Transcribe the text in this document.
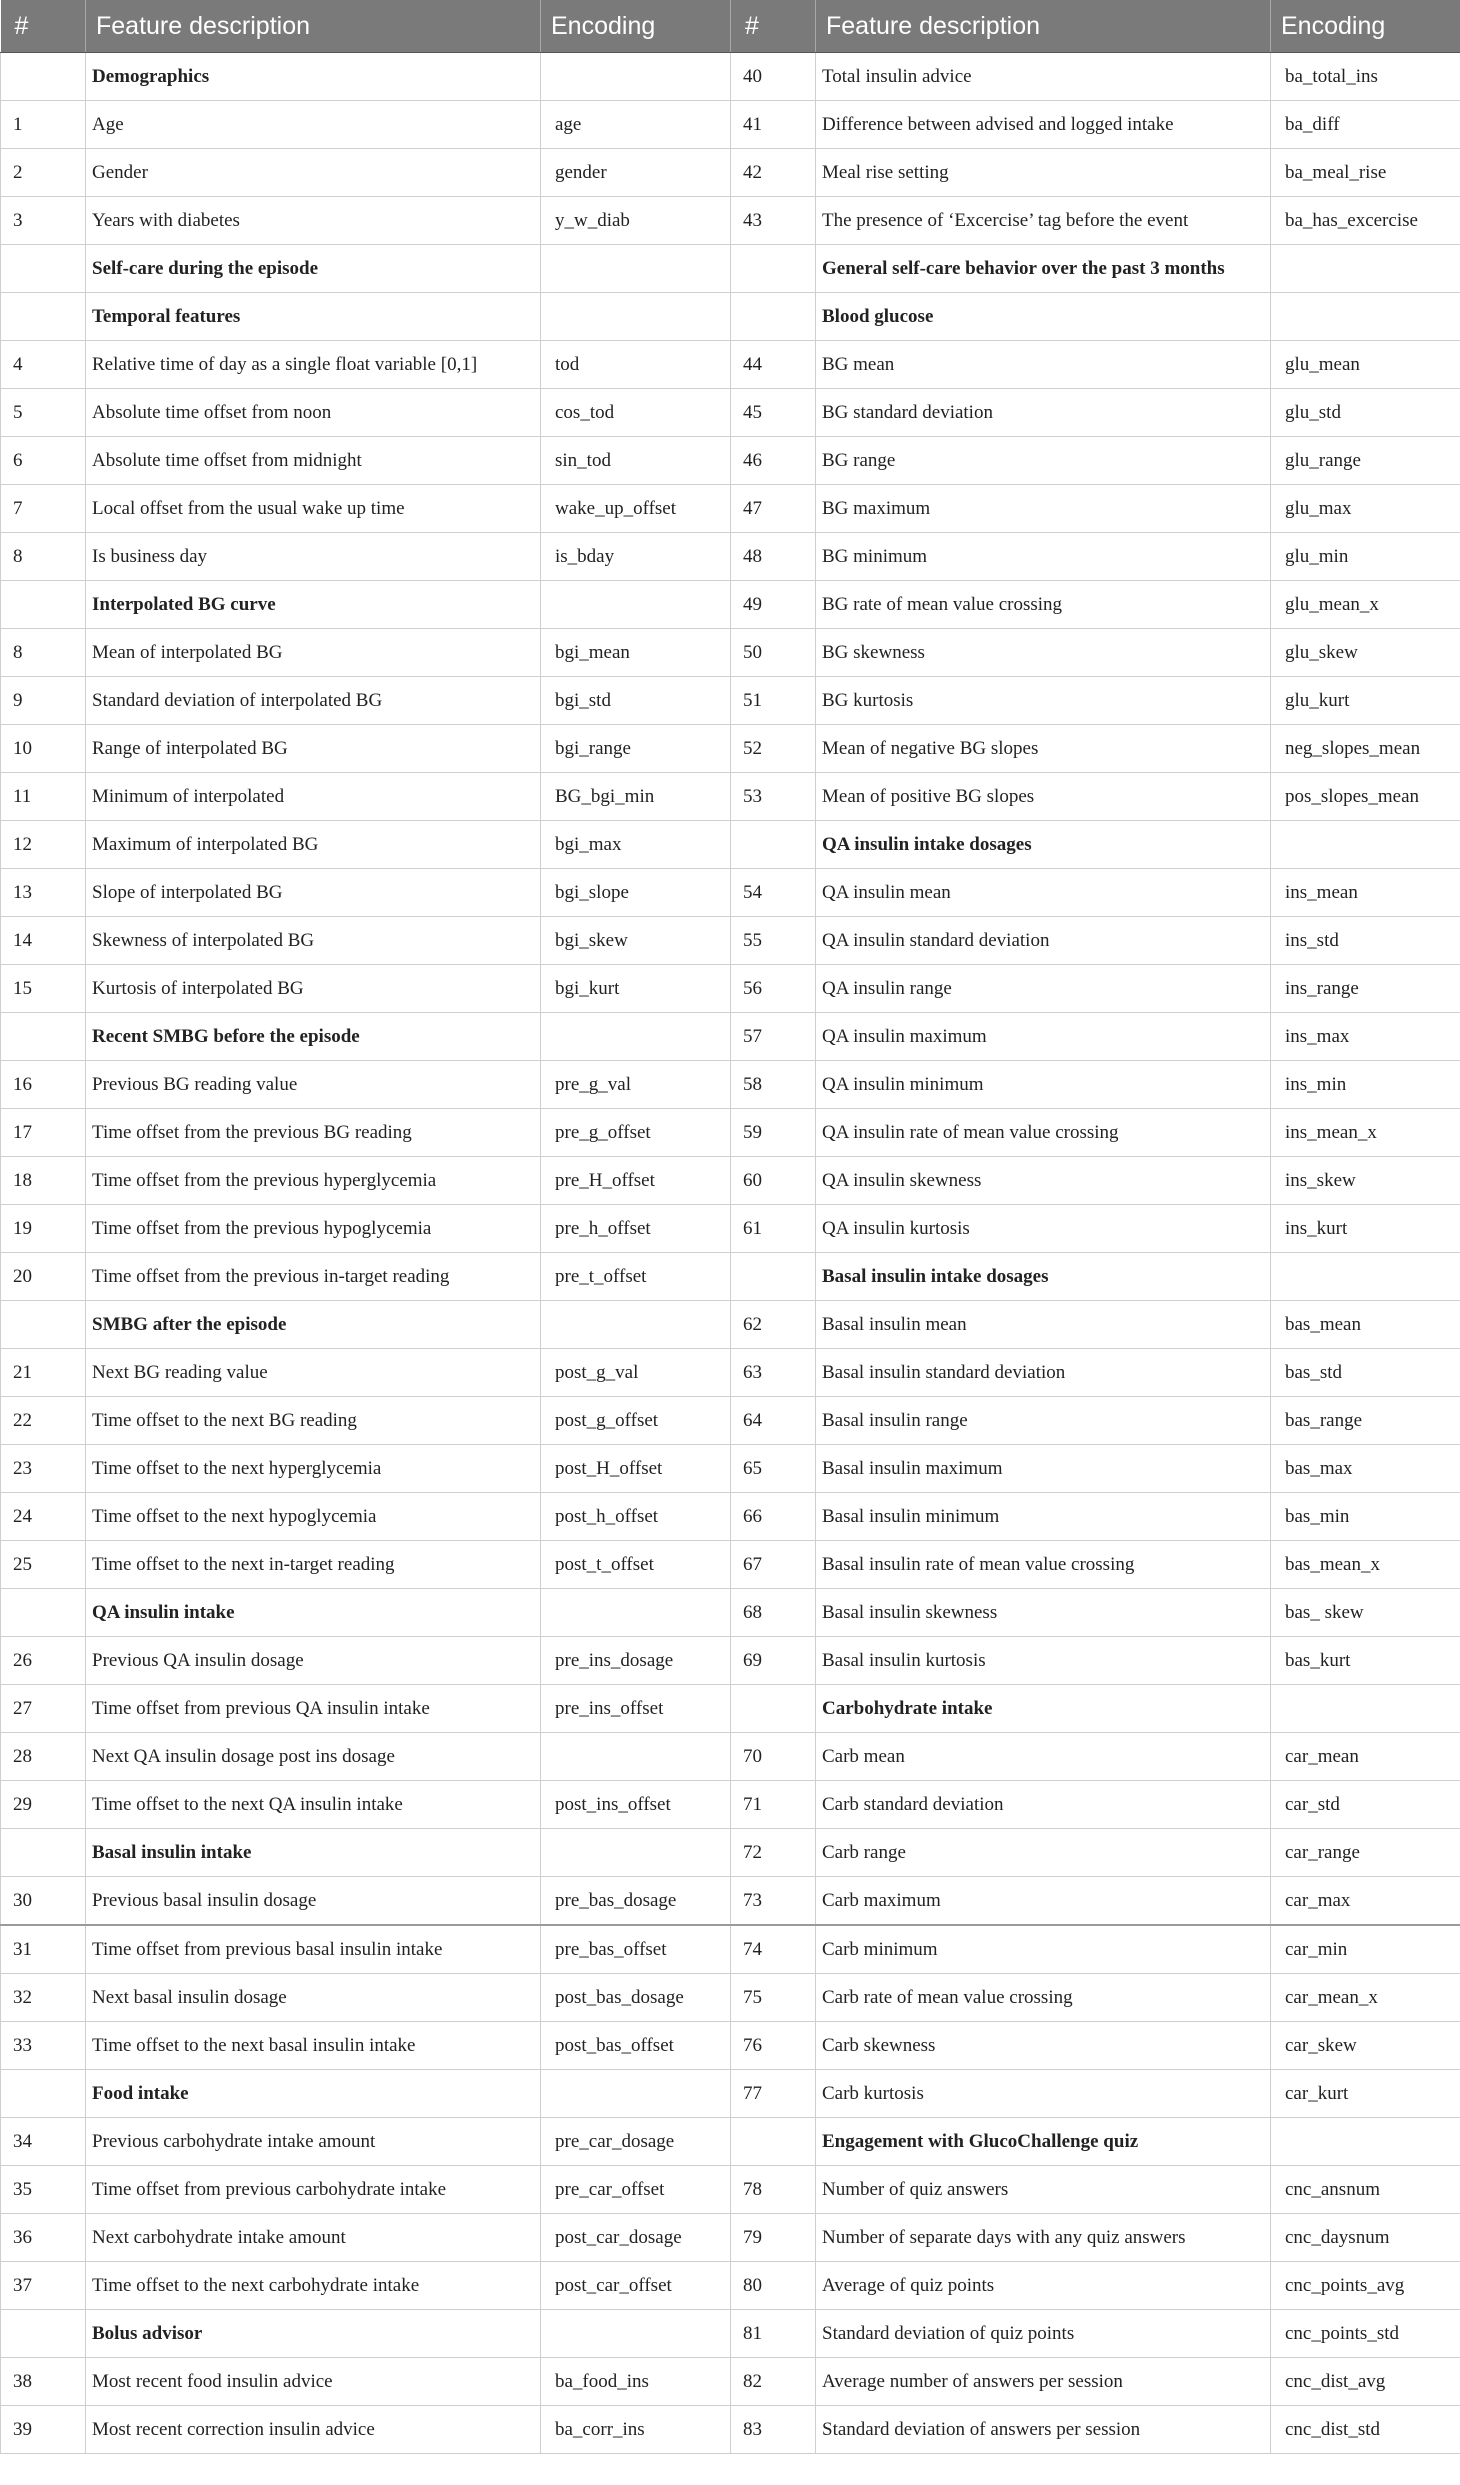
#	Feature description	Encoding	#	Feature description	Encoding
	Demographics		40	Total insulin advice	ba_total_ins
1	Age	age	41	Difference between advised and logged intake	ba_diff
2	Gender	gender	42	Meal rise setting	ba_meal_rise
3	Years with diabetes	y_w_diab	43	The presence of ‘Excercise’ tag before the event	ba_has_excercise
	Self-care during the episode			General self-care behavior over the past 3 months	
	Temporal features			Blood glucose	
4	Relative time of day as a single float variable [0,1]	tod	44	BG mean	glu_mean
5	Absolute time offset from noon	cos_tod	45	BG standard deviation	glu_std
6	Absolute time offset from midnight	sin_tod	46	BG range	glu_range
7	Local offset from the usual wake up time	wake_up_offset	47	BG maximum	glu_max
8	Is business day	is_bday	48	BG minimum	glu_min
	Interpolated BG curve		49	BG rate of mean value crossing	glu_mean_x
8	Mean of interpolated BG	bgi_mean	50	BG skewness	glu_skew
9	Standard deviation of interpolated BG	bgi_std	51	BG kurtosis	glu_kurt
10	Range of interpolated BG	bgi_range	52	Mean of negative BG slopes	neg_slopes_mean
11	Minimum of interpolated	BG_bgi_min	53	Mean of positive BG slopes	pos_slopes_mean
12	Maximum of interpolated BG	bgi_max		QA insulin intake dosages	
13	Slope of interpolated BG	bgi_slope	54	QA insulin mean	ins_mean
14	Skewness of interpolated BG	bgi_skew	55	QA insulin standard deviation	ins_std
15	Kurtosis of interpolated BG	bgi_kurt	56	QA insulin range	ins_range
	Recent SMBG before the episode		57	QA insulin maximum	ins_max
16	Previous BG reading value	pre_g_val	58	QA insulin minimum	ins_min
17	Time offset from the previous BG reading	pre_g_offset	59	QA insulin rate of mean value crossing	ins_mean_x
18	Time offset from the previous hyperglycemia	pre_H_offset	60	QA insulin skewness	ins_skew
19	Time offset from the previous hypoglycemia	pre_h_offset	61	QA insulin kurtosis	ins_kurt
20	Time offset from the previous in-target reading	pre_t_offset		Basal insulin intake dosages	
	SMBG after the episode		62	Basal insulin mean	bas_mean
21	Next BG reading value	post_g_val	63	Basal insulin standard deviation	bas_std
22	Time offset to the next BG reading	post_g_offset	64	Basal insulin range	bas_range
23	Time offset to the next hyperglycemia	post_H_offset	65	Basal insulin maximum	bas_max
24	Time offset to the next hypoglycemia	post_h_offset	66	Basal insulin minimum	bas_min
25	Time offset to the next in-target reading	post_t_offset	67	Basal insulin rate of mean value crossing	bas_mean_x
	QA insulin intake		68	Basal insulin skewness	bas_ skew
26	Previous QA insulin dosage	pre_ins_dosage	69	Basal insulin kurtosis	bas_kurt
27	Time offset from previous QA insulin intake	pre_ins_offset		Carbohydrate intake	
28	Next QA insulin dosage post ins dosage		70	Carb mean	car_mean
29	Time offset to the next QA insulin intake	post_ins_offset	71	Carb standard deviation	car_std
	Basal insulin intake		72	Carb range	car_range
30	Previous basal insulin dosage	pre_bas_dosage	73	Carb maximum	car_max
31	Time offset from previous basal insulin intake	pre_bas_offset	74	Carb minimum	car_min
32	Next basal insulin dosage	post_bas_dosage	75	Carb rate of mean value crossing	car_mean_x
33	Time offset to the next basal insulin intake	post_bas_offset	76	Carb skewness	car_skew
	Food intake		77	Carb kurtosis	car_kurt
34	Previous carbohydrate intake amount	pre_car_dosage		Engagement with GlucoChallenge quiz	
35	Time offset from previous carbohydrate intake	pre_car_offset	78	Number of quiz answers	cnc_ansnum
36	Next carbohydrate intake amount	post_car_dosage	79	Number of separate days with any quiz answers	cnc_daysnum
37	Time offset to the next carbohydrate intake	post_car_offset	80	Average of quiz points	cnc_points_avg
	Bolus advisor		81	Standard deviation of quiz points	cnc_points_std
38	Most recent food insulin advice	ba_food_ins	82	Average number of answers per session	cnc_dist_avg
39	Most recent correction insulin advice	ba_corr_ins	83	Standard deviation of answers per session	cnc_dist_std
